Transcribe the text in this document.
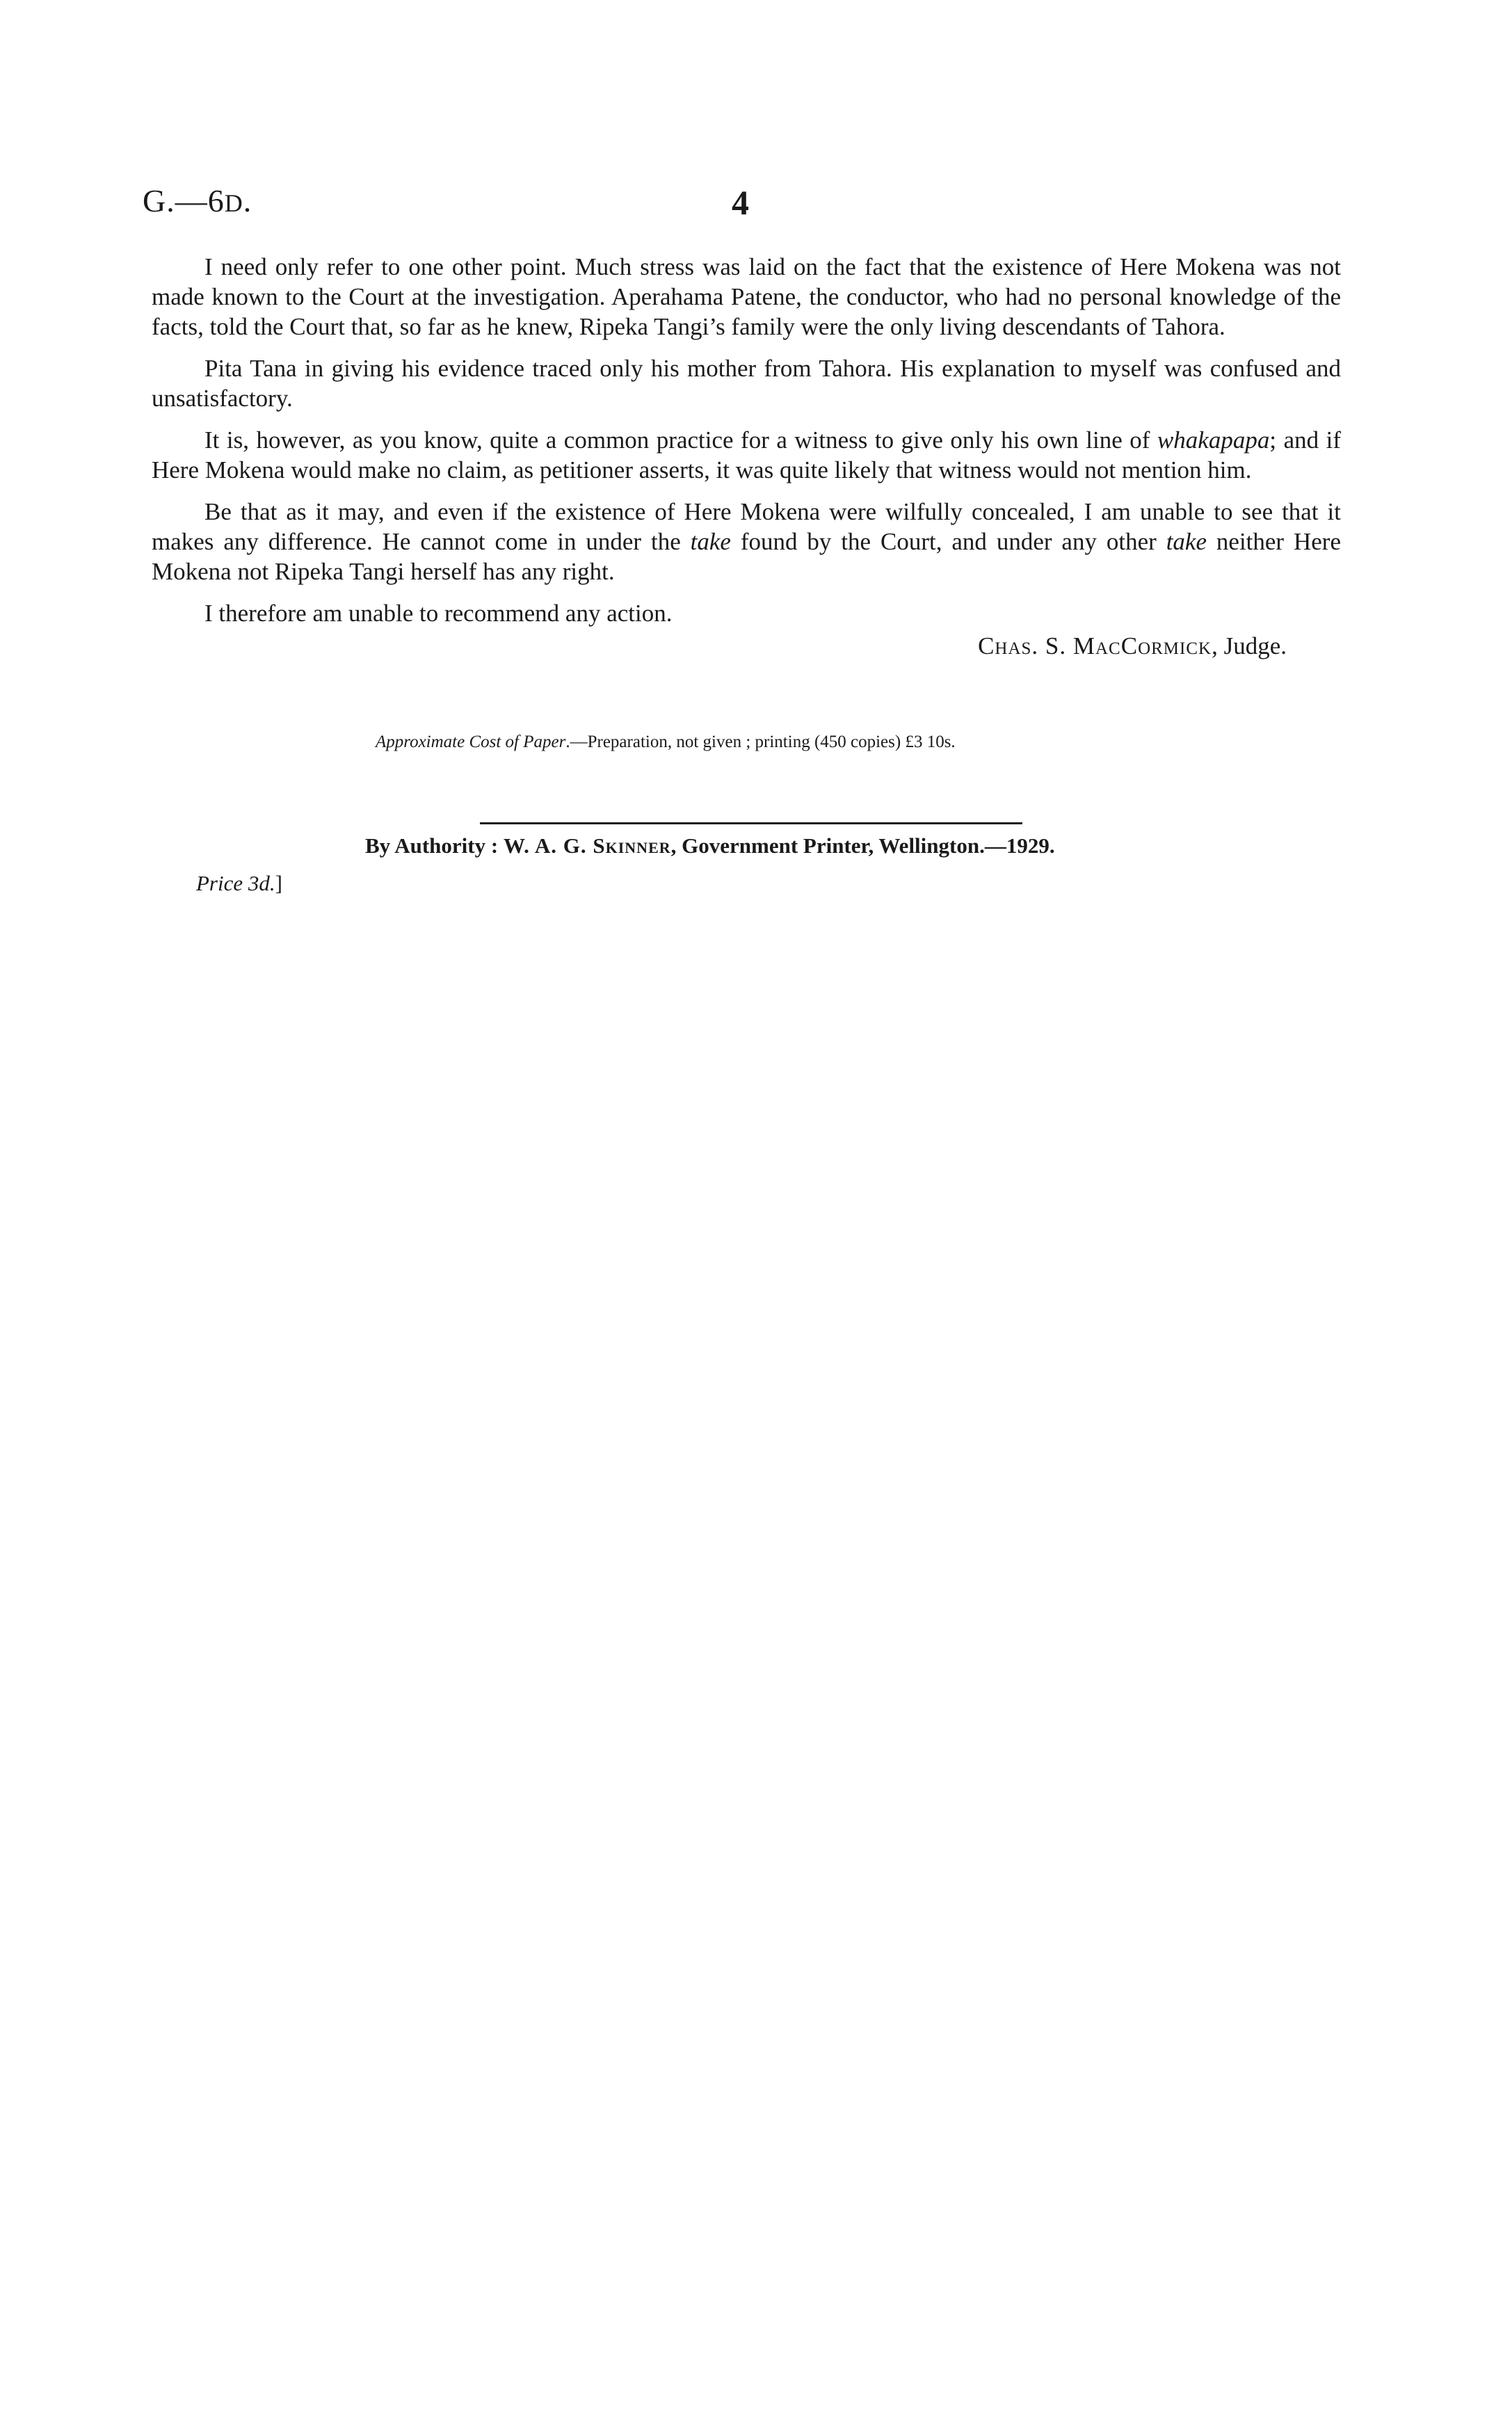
G.—6D.	4

I need only refer to one other point. Much stress was laid on the fact that the existence of Here Mokena was not made known to the Court at the investigation. Aperahama Patene, the conductor, who had no personal knowledge of the facts, told the Court that, so far as he knew, Ripeka Tangi’s family were the only living descendants of Tahora.

Pita Tana in giving his evidence traced only his mother from Tahora. His explanation to myself was confused and unsatisfactory.

It is, however, as you know, quite a common practice for a witness to give only his own line of whakapapa; and if Here Mokena would make no claim, as petitioner asserts, it was quite likely that witness would not mention him.

Be that as it may, and even if the existence of Here Mokena were wilfully concealed, I am unable to see that it makes any difference. He cannot come in under the take found by the Court, and under any other take neither Here Mokena not Ripeka Tangi herself has any right.

I therefore am unable to recommend any action.

Chas. S. MacCormick, Judge.
Approximate Cost of Paper.—Preparation, not given ; printing (450 copies) £3 10s.
By Authority : W. A. G. Skinner, Government Printer, Wellington.—1929.
Price 3d.]
